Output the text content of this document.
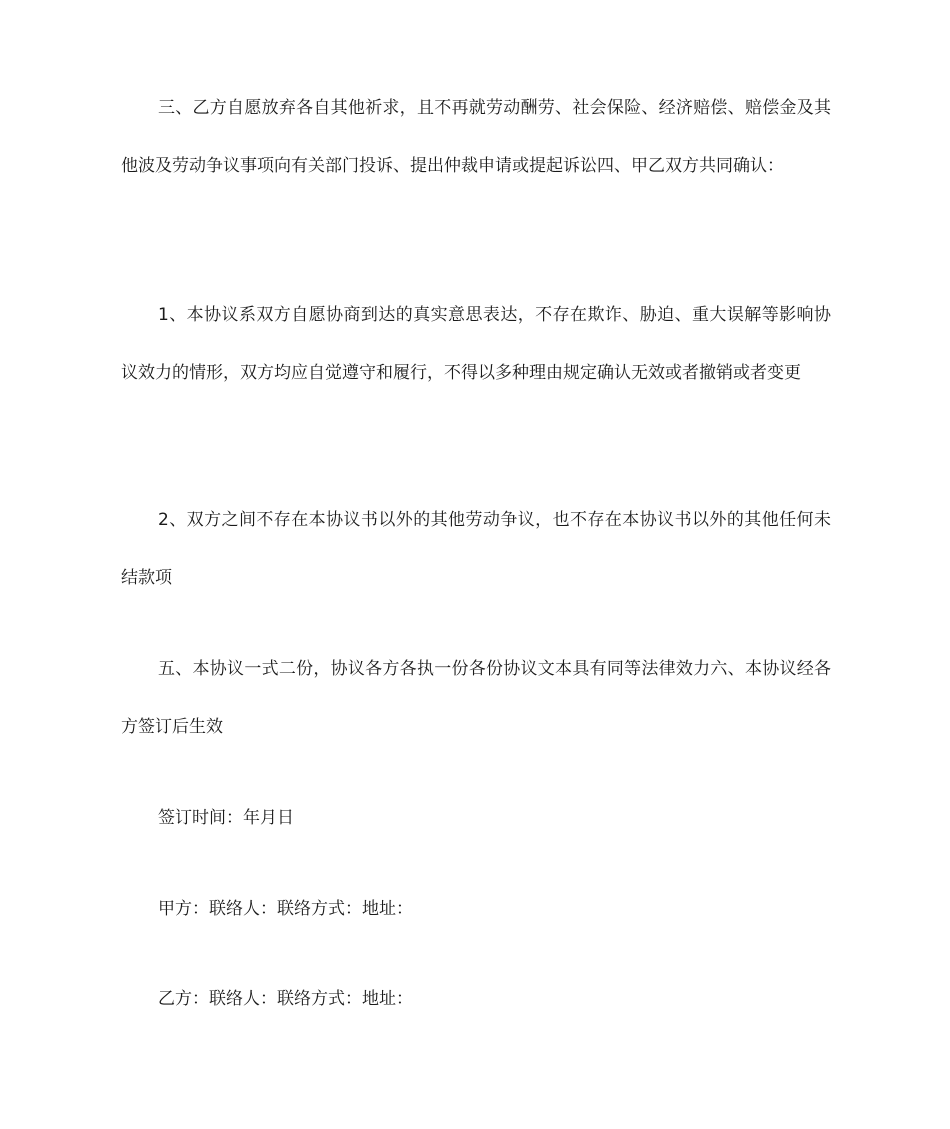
三、乙方自愿放弃各自其他祈求，且不再就劳动酬劳、社会保险、经济赔偿、赔偿金及其他波及劳动争议事项向有关部门投诉、提出仲裁申请或提起诉讼四、甲乙双方共同确认：

1、本协议系双方自愿协商到达的真实意思表达，不存在欺诈、胁迫、重大误解等影响协议效力的情形，双方均应自觉遵守和履行，不得以多种理由规定确认无效或者撤销或者变更

2、双方之间不存在本协议书以外的其他劳动争议，也不存在本协议书以外的其他任何未结款项

五、本协议一式二份，协议各方各执一份各份协议文本具有同等法律效力六、本协议经各方签订后生效

签订时间：年月日

甲方：联络人：联络方式：地址：

乙方：联络人：联络方式：地址：
